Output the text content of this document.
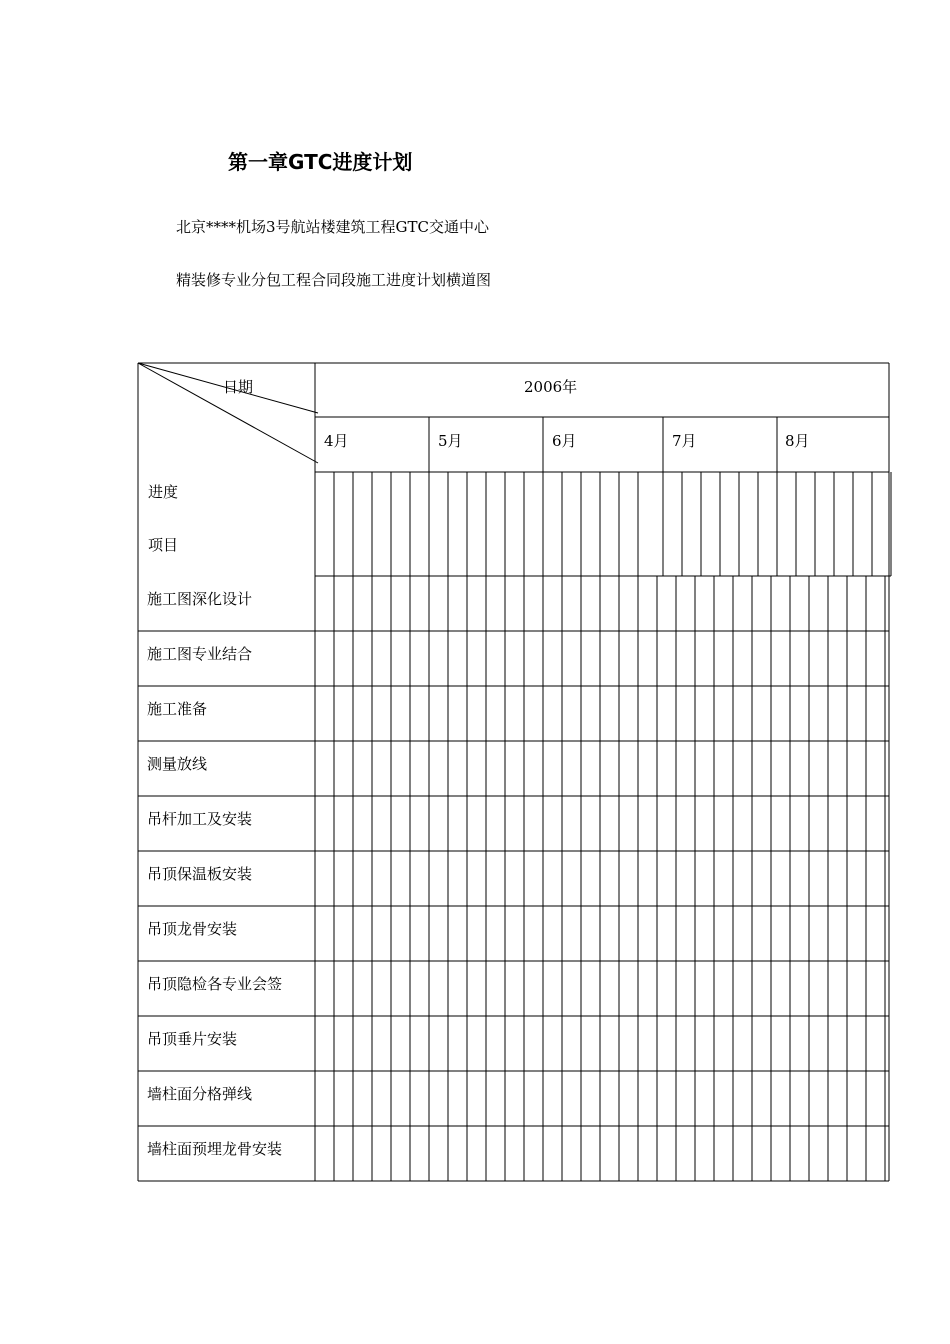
第一章GTC进度计划
北京****机场3号航站楼建筑工程GTC交通中心
精装修专业分包工程合同段施工进度计划横道图
日期
进度
项目
2006年
4月	5月	6月	7月	8月
施工图深化设计
施工图专业结合
施工准备
测量放线
吊杆加工及安装
吊顶保温板安装
吊顶龙骨安装
吊顶隐检各专业会签
吊顶垂片安装
墙柱面分格弹线
墙柱面预埋龙骨安装
